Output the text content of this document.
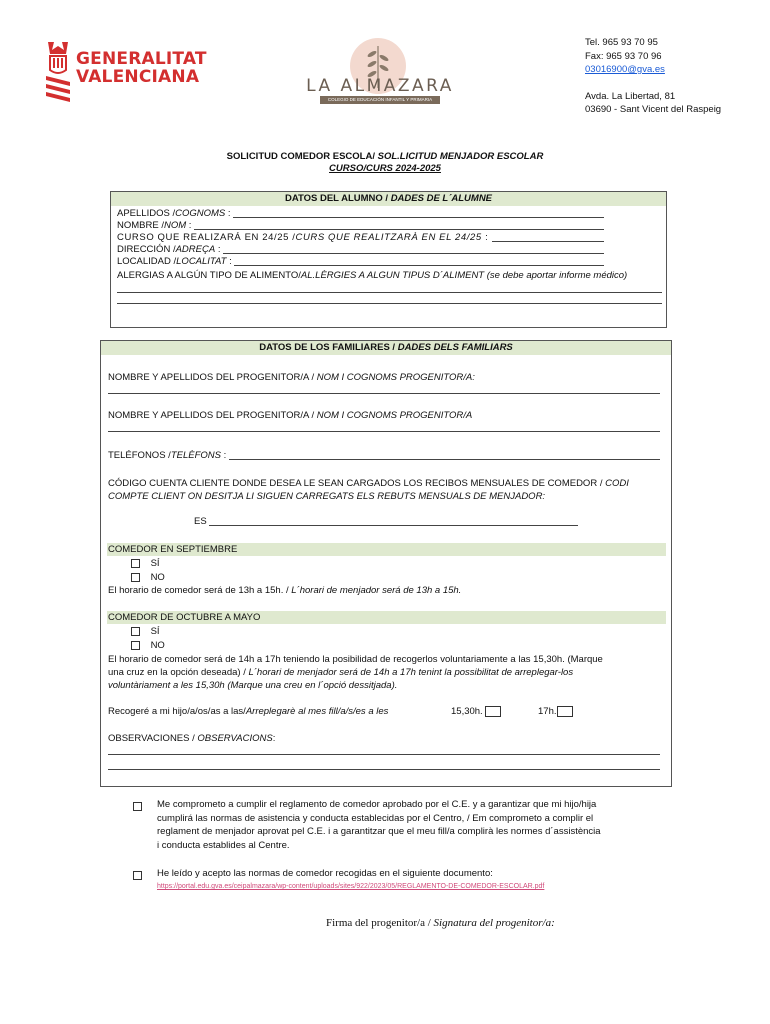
GENERALITAT
VALENCIANA	LA ALMAZARA
COLEGIO DE EDUCACIÓN INFANTIL Y PRIMARIA
Tel. 965 93 70 95
Fax: 965 93 70 96
03016900@gva.es
Avda. La Libertad, 81
03690 - Sant Vicent del Raspeig
SOLICITUD COMEDOR ESCOLA/ SOL.LICITUD MENJADOR ESCOLAR
CURSO/CURS 2024-2025
DATOS DEL ALUMNO / DADES DE L´ALUMNE
APELLIDOS / COGNOMS :
NOMBRE / NOM :
CURSO QUE REALIZARÁ EN 24/25 / CURS QUE REALITZARÀ EN EL 24/25 :
DIRECCIÓN / ADREÇA :
LOCALIDAD / LOCALITAT :
ALERGIAS A ALGÚN TIPO DE ALIMENTO/AL.LÈRGIES A ALGUN TIPUS D´ALIMENT (se debe aportar informe médico)
DATOS DE LOS FAMILIARES / DADES DELS FAMILIARS
NOMBRE Y APELLIDOS DEL PROGENITOR/A / NOM I COGNOMS PROGENITOR/A:
NOMBRE Y APELLIDOS DEL PROGENITOR/A / NOM I COGNOMS PROGENITOR/A
TELÉFONOS / TELÈFONS :
CÓDIGO CUENTA CLIENTE DONDE DESEA LE SEAN CARGADOS LOS RECIBOS MENSUALES DE COMEDOR / CODI
COMPTE CLIENT ON DESITJA LI SIGUEN CARREGATS ELS REBUTS MENSUALS DE MENJADOR:
ES

COMEDOR EN SEPTIEMBRE
SÍ
NO
El horario de comedor será de 13h a 15h. / L´horari de menjador será de 13h a 15h.
COMEDOR DE OCTUBRE A MAYO
SÍ
NO
El horario de comedor será de 14h a 17h teniendo la posibilidad de recogerlos voluntariamente a las 15,30h. (Marque
una cruz en la opción deseada) / L´horari de menjador será de 14h a 17h tenint la possibilitat de arreplegar-los
voluntàriament a les 15,30h (Marque una creu en l´opció dessitjada).
Recogeré a mi hijo/a/os/as a las/Arreplegarè al mes fill/a/s/es a les	15,30h.	17h.
OBSERVACIONES / OBSERVACIONS:
Me comprometo a cumplir el reglamento de comedor aprobado por el C.E. y a garantizar que mi hijo/hija
cumplirá las normas de asistencia y conducta establecidas por el Centro, / Em comprometo a complir el
reglament de menjador aprovat pel C.E. i a garantitzar que el meu fill/a complirà les normes d´assistència
i conducta establides al Centre.
He leído y acepto las normas de comedor recogidas en el siguiente documento:
https://portal.edu.gva.es/ceipalmazara/wp-content/uploads/sites/922/2023/05/REGLAMENTO-DE-COMEDOR-ESCOLAR.pdf
Firma del progenitor/a / Signatura del progenitor/a:
